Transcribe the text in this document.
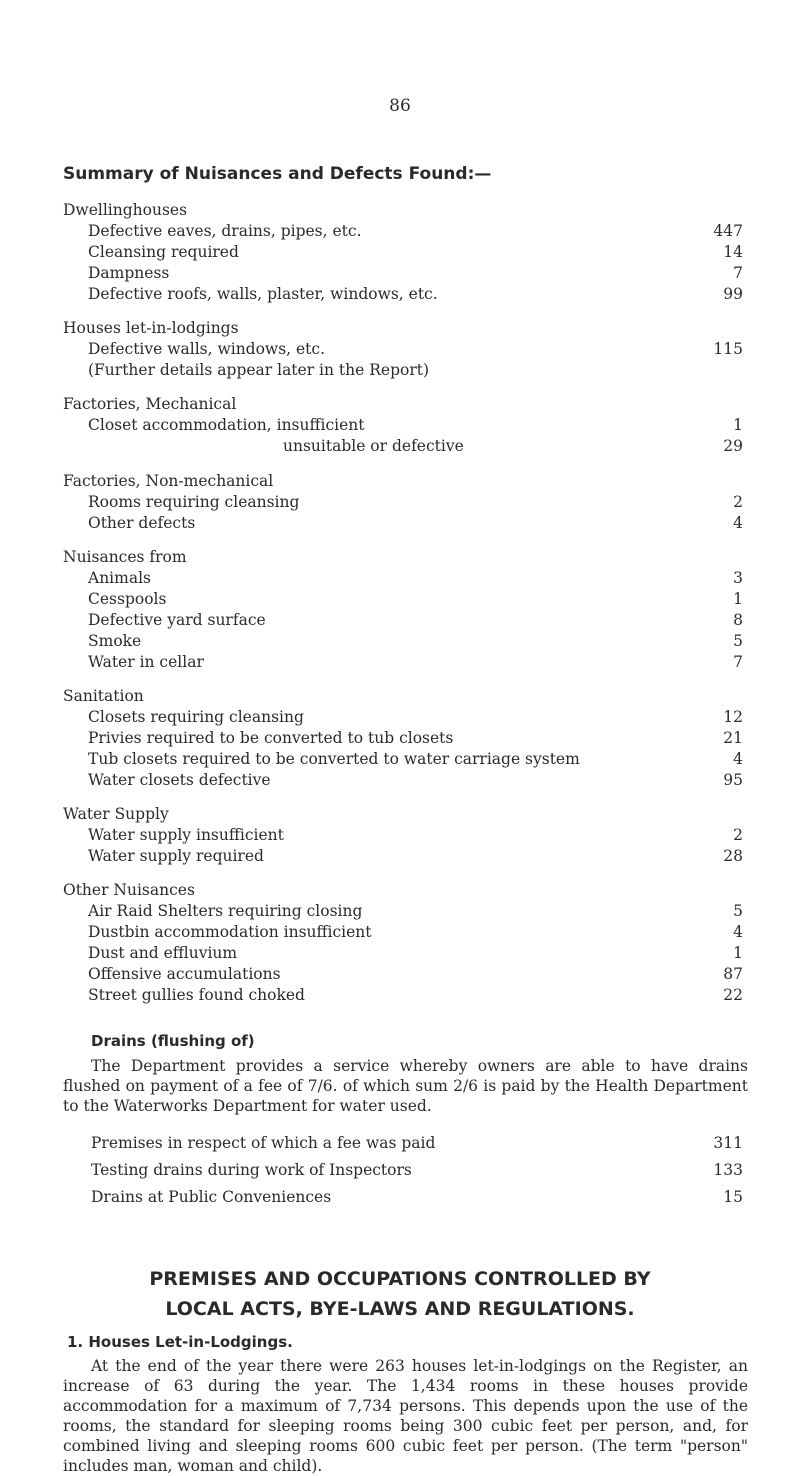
86
Summary of Nuisances and Defects Found:—
Dwellinghouses
Defective eaves, drains, pipes, etc.	447
Cleansing required	14
Dampness	7
Defective roofs, walls, plaster, windows, etc.	99
Houses let-in-lodgings
Defective walls, windows, etc.	115
(Further details appear later in the Report)
Factories, Mechanical
Closet accommodation, insufficient	1
unsuitable or defective	29
Factories, Non-mechanical
Rooms requiring cleansing	2
Other defects	4
Nuisances from
Animals	3
Cesspools	1
Defective yard surface	8
Smoke	5
Water in cellar	7
Sanitation
Closets requiring cleansing	12
Privies required to be converted to tub closets	21
Tub closets required to be converted to water carriage system	4
Water closets defective	95
Water Supply
Water supply insufficient	2
Water supply required	28
Other Nuisances
Air Raid Shelters requiring closing	5
Dustbin accommodation insufficient	4
Dust and effluvium	1
Offensive accumulations	87
Street gullies found choked	22
Drains (flushing of)
The Department provides a service whereby owners are able to have drains flushed on payment of a fee of 7/6. of which sum 2/6 is paid by the Health Department to the Waterworks Department for water used.
Premises in respect of which a fee was paid	311
Testing drains during work of Inspectors	133
Drains at Public Conveniences	15
PREMISES AND OCCUPATIONS CONTROLLED BY
LOCAL ACTS, BYE-LAWS AND REGULATIONS.
1. Houses Let-in-Lodgings.
At the end of the year there were 263 houses let-in-lodgings on the Register, an increase of 63 during the year. The 1,434 rooms in these houses provide accommodation for a maximum of 7,734 persons. This depends upon the use of the rooms, the standard for sleeping rooms being 300 cubic feet per person, and, for combined living and sleeping rooms 600 cubic feet per person. (The term "person" includes man, woman and child).
